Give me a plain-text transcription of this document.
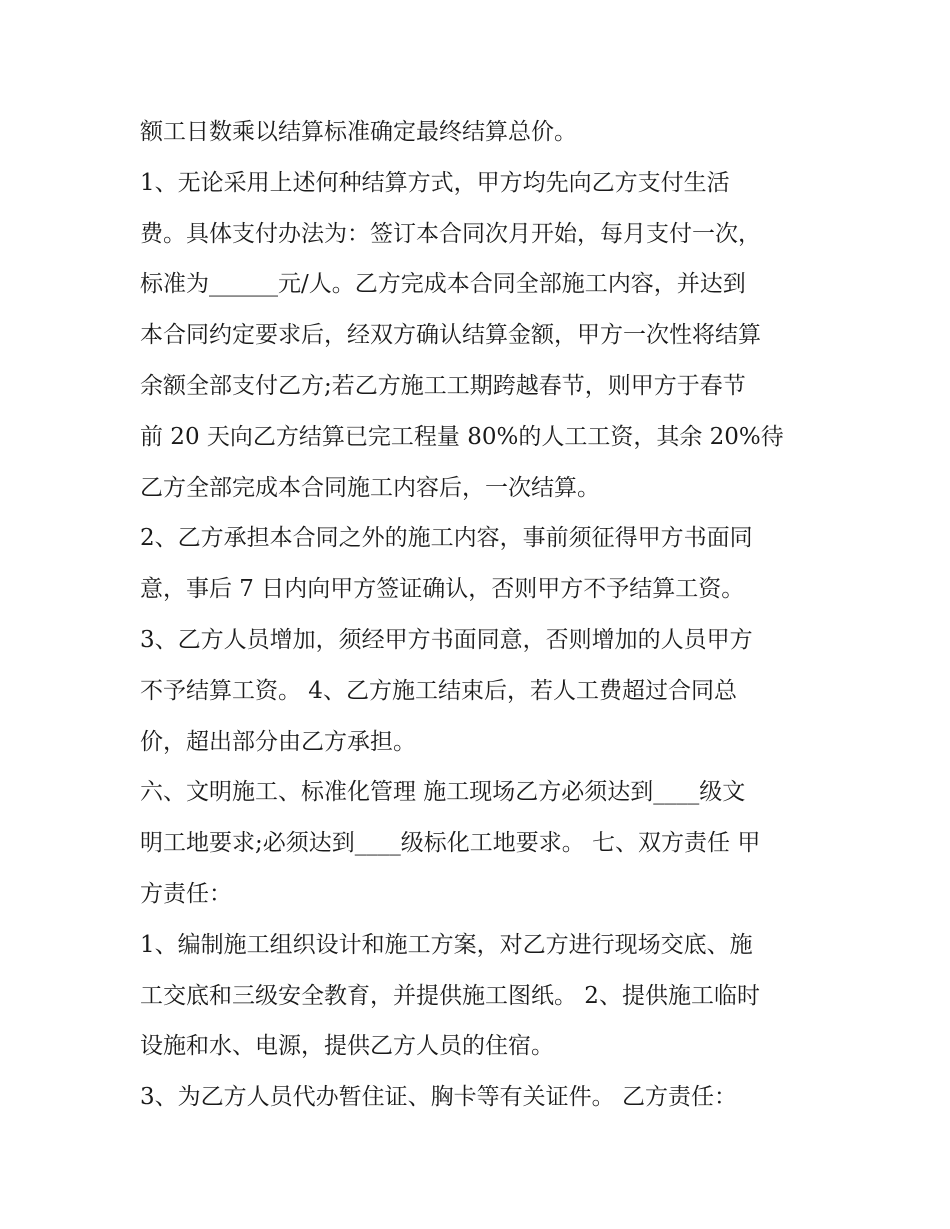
额工日数乘以结算标准确定最终结算总价。
1、无论采用上述何种结算方式，甲方均先向乙方支付生活
费。具体支付办法为：签订本合同次月开始，每月支付一次，
标准为______元/人。乙方完成本合同全部施工内容，并达到
本合同约定要求后，经双方确认结算金额，甲方一次性将结算
余额全部支付乙方;若乙方施工工期跨越春节，则甲方于春节
前 20 天向乙方结算已完工程量 80%的人工工资，其余 20%待
乙方全部完成本合同施工内容后，一次结算。
2、乙方承担本合同之外的施工内容，事前须征得甲方书面同
意，事后 7 日内向甲方签证确认，否则甲方不予结算工资。
3、乙方人员增加，须经甲方书面同意，否则增加的人员甲方
不予结算工资。 4、乙方施工结束后，若人工费超过合同总
价，超出部分由乙方承担。
六、文明施工、标准化管理 施工现场乙方必须达到____级文
明工地要求;必须达到____级标化工地要求。 七、双方责任 甲
方责任：
1、编制施工组织设计和施工方案，对乙方进行现场交底、施
工交底和三级安全教育，并提供施工图纸。 2、提供施工临时
设施和水、电源，提供乙方人员的住宿。
3、为乙方人员代办暂住证、胸卡等有关证件。 乙方责任：
